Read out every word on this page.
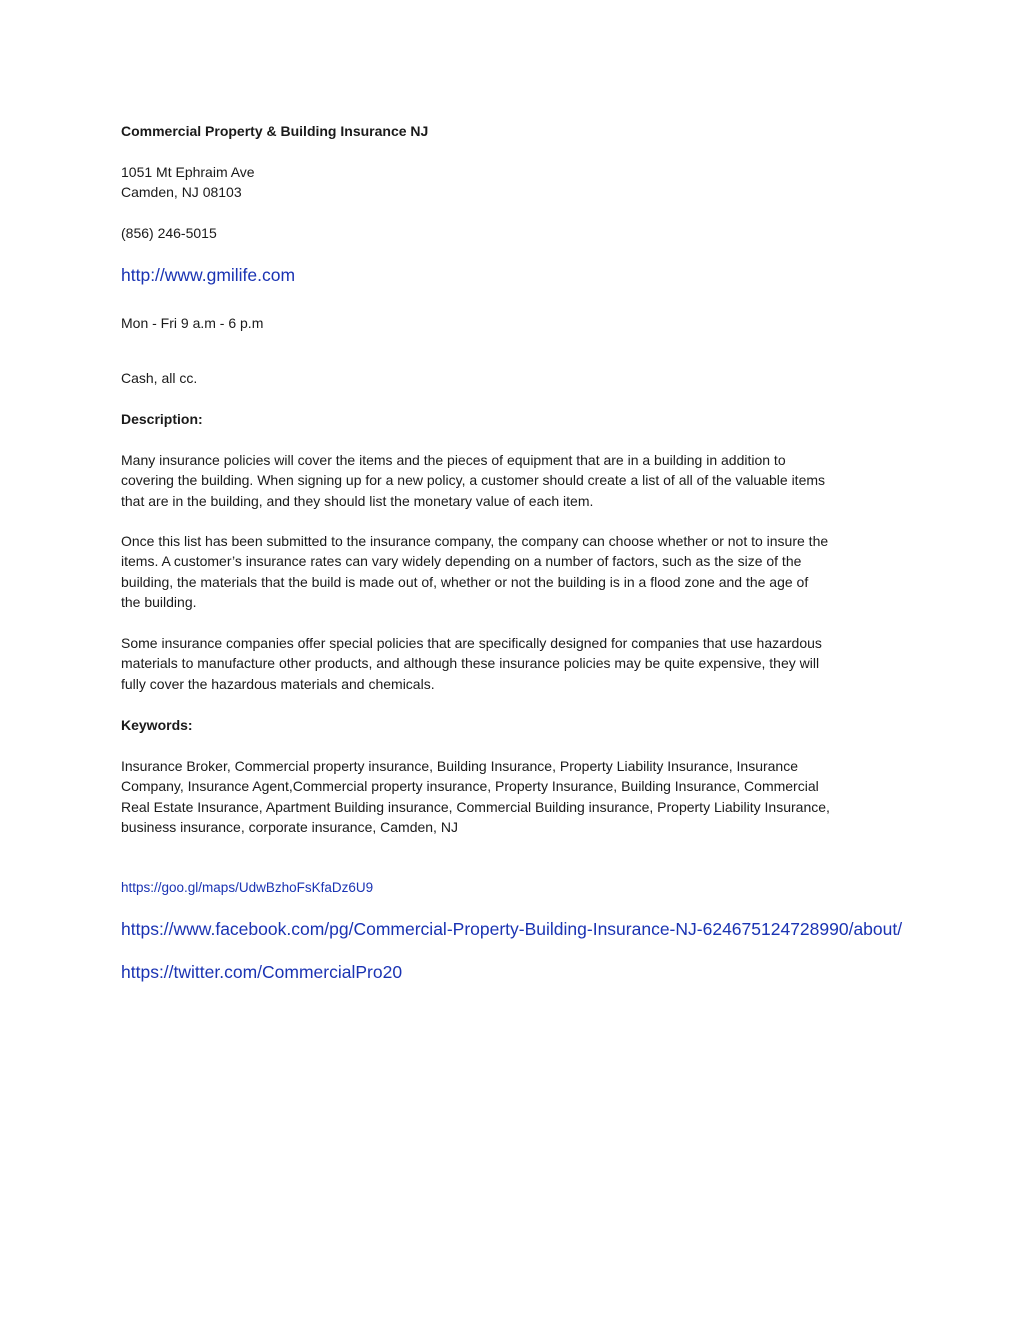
Commercial Property & Building Insurance NJ
1051 Mt Ephraim Ave
Camden, NJ 08103
(856) 246-5015
http://www.gmilife.com
Mon - Fri 9 a.m - 6 p.m
Cash, all cc.
Description:
Many insurance policies will cover the items and the pieces of equipment that are in a building in addition to
covering the building. When signing up for a new policy, a customer should create a list of all of the valuable items
that are in the building, and they should list the monetary value of each item.
Once this list has been submitted to the insurance company, the company can choose whether or not to insure the
items. A customer’s insurance rates can vary widely depending on a number of factors, such as the size of the
building, the materials that the build is made out of, whether or not the building is in a flood zone and the age of
the building.
Some insurance companies offer special policies that are specifically designed for companies that use hazardous
materials to manufacture other products, and although these insurance policies may be quite expensive, they will
fully cover the hazardous materials and chemicals.
Keywords:
Insurance Broker, Commercial property insurance, Building Insurance, Property Liability Insurance, Insurance
Company, Insurance Agent,Commercial property insurance, Property Insurance, Building Insurance, Commercial
Real Estate Insurance, Apartment Building insurance, Commercial Building insurance, Property Liability Insurance,
business insurance, corporate insurance, Camden, NJ
https://goo.gl/maps/UdwBzhoFsKfaDz6U9
https://www.facebook.com/pg/Commercial-Property-Building-Insurance-NJ-624675124728990/about/
https://twitter.com/CommercialPro20
